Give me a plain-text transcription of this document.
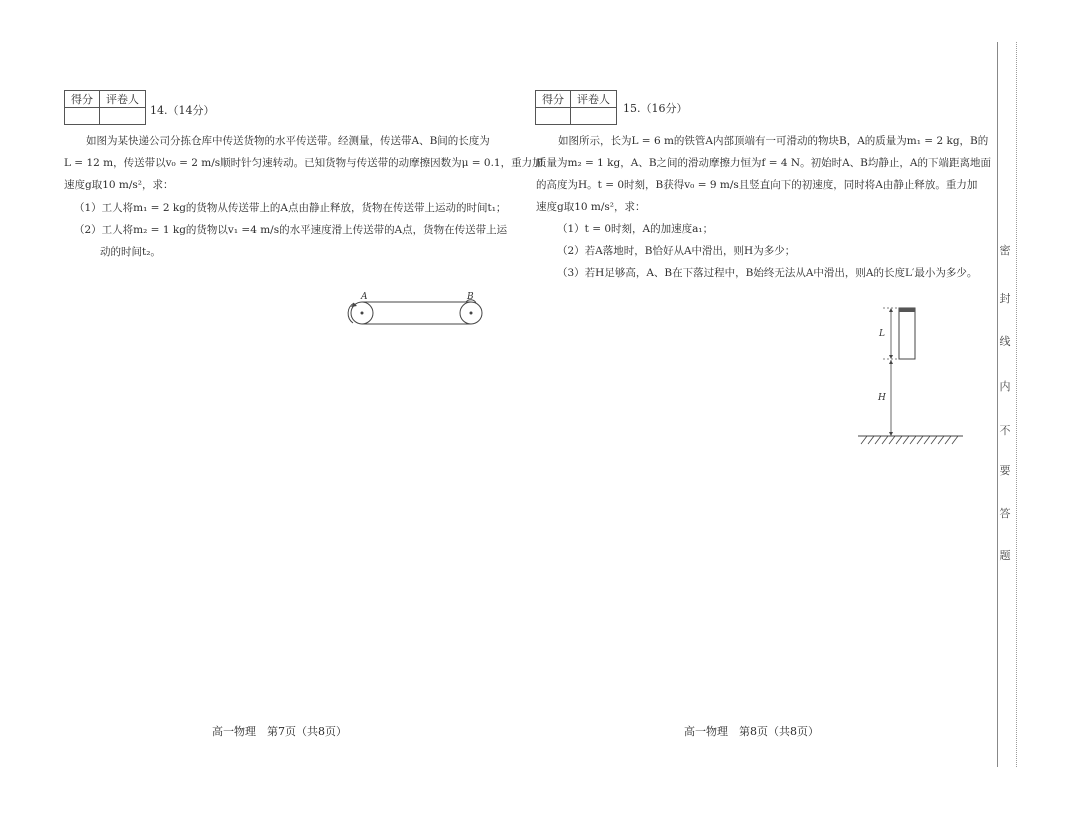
得分	评卷人

14.（14分）

如图为某快递公司分拣仓库中传送货物的水平传送带。经测量，传送带A、B间的长度为
L = 12 m，传送带以v₀ = 2 m/s顺时针匀速转动。已知货物与传送带的动摩擦因数为μ = 0.1，重力加
速度g取10 m/s²，求：

（1）工人将m₁ = 2 kg的货物从传送带上的A点由静止释放，货物在传送带上运动的时间t₁；
（2）工人将m₂ = 1 kg的货物以v₁ =4 m/s的水平速度滑上传送带的A点，货物在传送带上运
动的时间t₂。
A	B
高一物理　第7页（共8页）
得分	评卷人

15.（16分）

如图所示，长为L = 6 m的铁管A内部顶端有一可滑动的物块B，A的质量为m₁ = 2 kg，B的
质量为m₂ = 1 kg，A、B之间的滑动摩擦力恒为f = 4 N。初始时A、B均静止，A的下端距离地面
的高度为H。t = 0时刻，B获得v₀ = 9 m/s且竖直向下的初速度，同时将A由静止释放。重力加
速度g取10 m/s²，求：

（1）t = 0时刻，A的加速度a₁；
（2）若A落地时，B恰好从A中滑出，则H为多少；
（3）若H足够高，A、B在下落过程中，B始终无法从A中滑出，则A的长度L′最小为多少。
L
H
高一物理　第8页（共8页）
密
封
线
内
不
要
答
题
